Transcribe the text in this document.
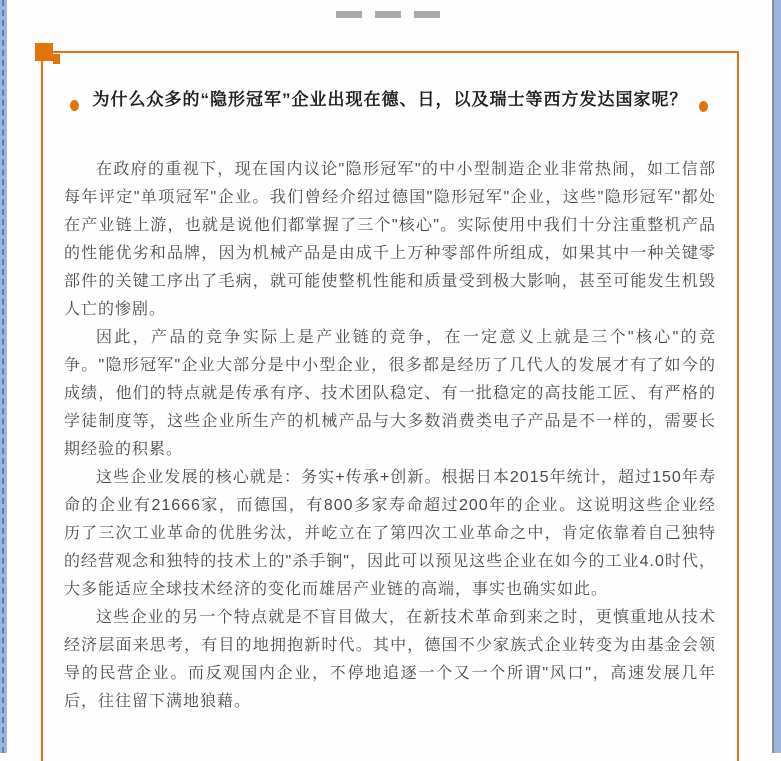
为什么众多的“隐形冠军”企业出现在德、日，以及瑞士等西方发达国家呢？

在政府的重视下，现在国内议论"隐形冠军"的中小型制造企业非常热闹，如工信部每年评定"单项冠军"企业。我们曾经介绍过德国"隐形冠军"企业，这些"隐形冠军"都处在产业链上游，也就是说他们都掌握了三个"核心"。实际使用中我们十分注重整机产品的性能优劣和品牌，因为机械产品是由成千上万种零部件所组成，如果其中一种关键零部件的关键工序出了毛病，就可能使整机性能和质量受到极大影响，甚至可能发生机毁人亡的惨剧。

因此，产品的竞争实际上是产业链的竞争，在一定意义上就是三个"核心"的竞争。"隐形冠军"企业大部分是中小型企业，很多都是经历了几代人的发展才有了如今的成绩，他们的特点就是传承有序、技术团队稳定、有一批稳定的高技能工匠、有严格的学徒制度等，这些企业所生产的机械产品与大多数消费类电子产品是不一样的，需要长期经验的积累。

这些企业发展的核心就是：务实+传承+创新。根据日本2015年统计，超过150年寿命的企业有21666家，而德国，有800多家寿命超过200年的企业。这说明这些企业经历了三次工业革命的优胜劣汰，并屹立在了第四次工业革命之中，肯定依靠着自己独特的经营观念和独特的技术上的"杀手锏"，因此可以预见这些企业在如今的工业4.0时代，大多能适应全球技术经济的变化而雄居产业链的高端，事实也确实如此。

这些企业的另一个特点就是不盲目做大，在新技术革命到来之时，更慎重地从技术经济层面来思考，有目的地拥抱新时代。其中，德国不少家族式企业转变为由基金会领导的民营企业。而反观国内企业，不停地追逐一个又一个所谓"风口"，高速发展几年后，往往留下满地狼藉。
